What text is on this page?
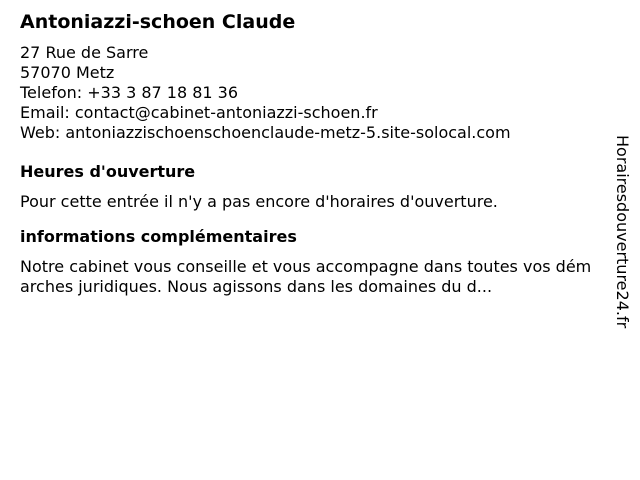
Antoniazzi-schoen Claude
27 Rue de Sarre
57070 Metz
Telefon: +33 3 87 18 81 36
Email: contact@cabinet-antoniazzi-schoen.fr
Web: antoniazzischoenschoenclaude-metz-5.site-solocal.com
Heures d'ouverture
Pour cette entrée il n'y a pas encore d'horaires d'ouverture.
informations complémentaires
Notre cabinet vous conseille et vous accompagne dans toutes vos démarches juridiques. Nous agissons dans les domaines du d...	Horairesdouverture24.fr
